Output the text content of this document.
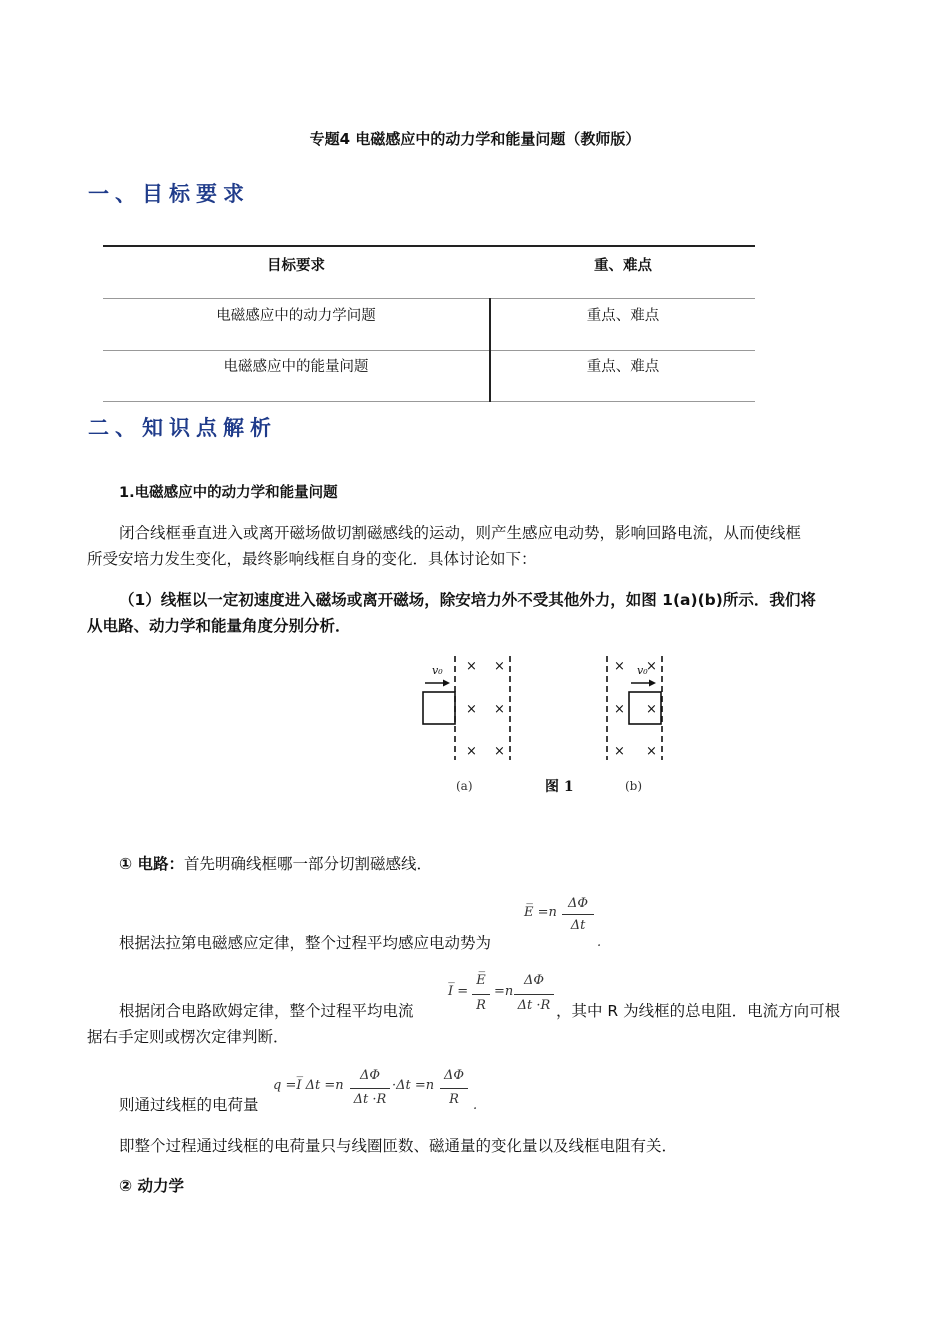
专题4 电磁感应中的动力学和能量问题（教师版）
一、目标要求
目标要求	重、难点
电磁感应中的动力学问题	重点、难点
电磁感应中的能量问题	重点、难点
二、知识点解析
1.电磁感应中的动力学和能量问题
闭合线框垂直进入或离开磁场做切割磁感线的运动，则产生感应电动势，影响回路电流，从而使线框
所受安培力发生变化，最终影响线框自身的变化．具体讨论如下：
（1）线框以一定初速度进入磁场或离开磁场，除安培力外不受其他外力，如图 1(a)(b)所示．我们将
从电路、动力学和能量角度分别分析．
× ×
× ×
× ×
v₀	× ×
× ×
× ×
v₀
(a)	图 1	(b)
① 电路：首先明确线框哪一部分切割磁感线．
E̅ =n
ΔΦ
Δt
根据法拉第电磁感应定律，整个过程平均感应电动势为	.
根据闭合电路欧姆定律，整个过程平均电流
I̅ =
E̅
R
=n
ΔΦ
Δt ·R ，其中 R 为线框的总电阻．电流方向可根
据右手定则或楞次定律判断．
则通过线框的电荷量
q =I̅ Δt =n
ΔΦ
Δt ·R
·Δt =n
ΔΦ
R	.
即整个过程通过线框的电荷量只与线圈匝数、磁通量的变化量以及线框电阻有关．
② 动力学
